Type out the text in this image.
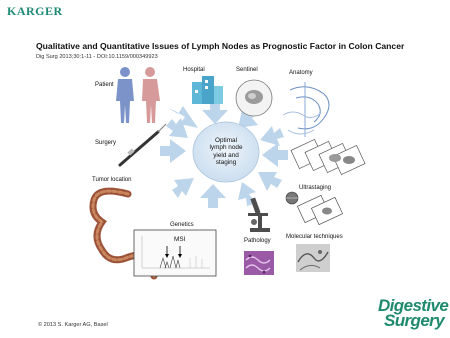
KARGER
Qualitative and Quantitative Issues of Lymph Nodes as Prognostic Factor in Colon Cancer
Dig Surg 2013;30:1-11 - DOI:10.1159/000349923
Optimal
lymph node
yield and
staging
Patient
Hospital	Sentinel	Anatomy
Surgery
Tumor location
Ultrastaging
Genetics
MSI	Pathology
Molecular techniques
© 2013 S. Karger AG, Basel
Digestive
Surgery
